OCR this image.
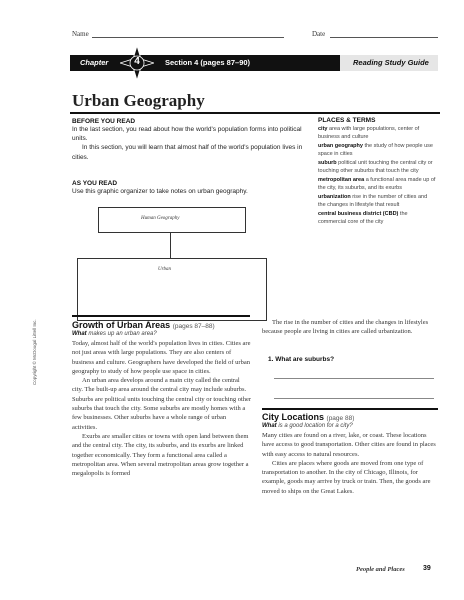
Name	Date
Chapter	4	Section 4 (pages 87–90)	Reading Study Guide
Urban Geography
BEFORE YOU READ
In the last section, you read about how the world's population forms into political units.
In this section, you will learn that almost half of the world's population lives in cities.
AS YOU READ
Use this graphic organizer to take notes on urban geography.
Human Geography
Urban
PLACES & TERMS
city area with large populations, center of business and culture
urban geography the study of how people use space in cities
suburb political unit touching the central city or touching other suburbs that touch the city
metropolitan area a functional area made up of the city, its suburbs, and its exurbs
urbanization rise in the number of cities and the changes in lifestyle that result
central business district (CBD) the commercial core of the city
Growth of Urban Areas (pages 87–88)
What makes up an urban area?

Today, almost half of the world's population lives in cities. Cities are not just areas with large populations. They are also centers of business and culture. Geographers have developed the field of urban geography to study of how people use space in cities.

An urban area develops around a main city called the central city. The built-up area around the central city may include suburbs. Suburbs are political units touching the central city or touching other suburbs that touch the city. Some suburbs are mostly homes with a few businesses. Other suburbs have a whole range of urban activities.

Exurbs are smaller cities or towns with open land between them and the central city. The city, its suburbs, and its exurbs are linked together economically. They form a functional area called a metropolitan area. When several metropolitan areas grow together a megalopolis is formed

The rise in the number of cities and the changes in lifestyles because people are living in cities are called urbanization.

1. What are suburbs?
City Locations (page 88)
What is a good location for a city?

Many cities are found on a river, lake, or coast. These locations have access to good transportation. Other cities are found in places with easy access to natural resources.

Cities are places where goods are moved from one type of transportation to another. In the city of Chicago, Illinois, for example, goods may arrive by truck or train. Then, the goods are moved to ships on the Great Lakes.

Copyright © McDougal Littell Inc.
People and Places	39
